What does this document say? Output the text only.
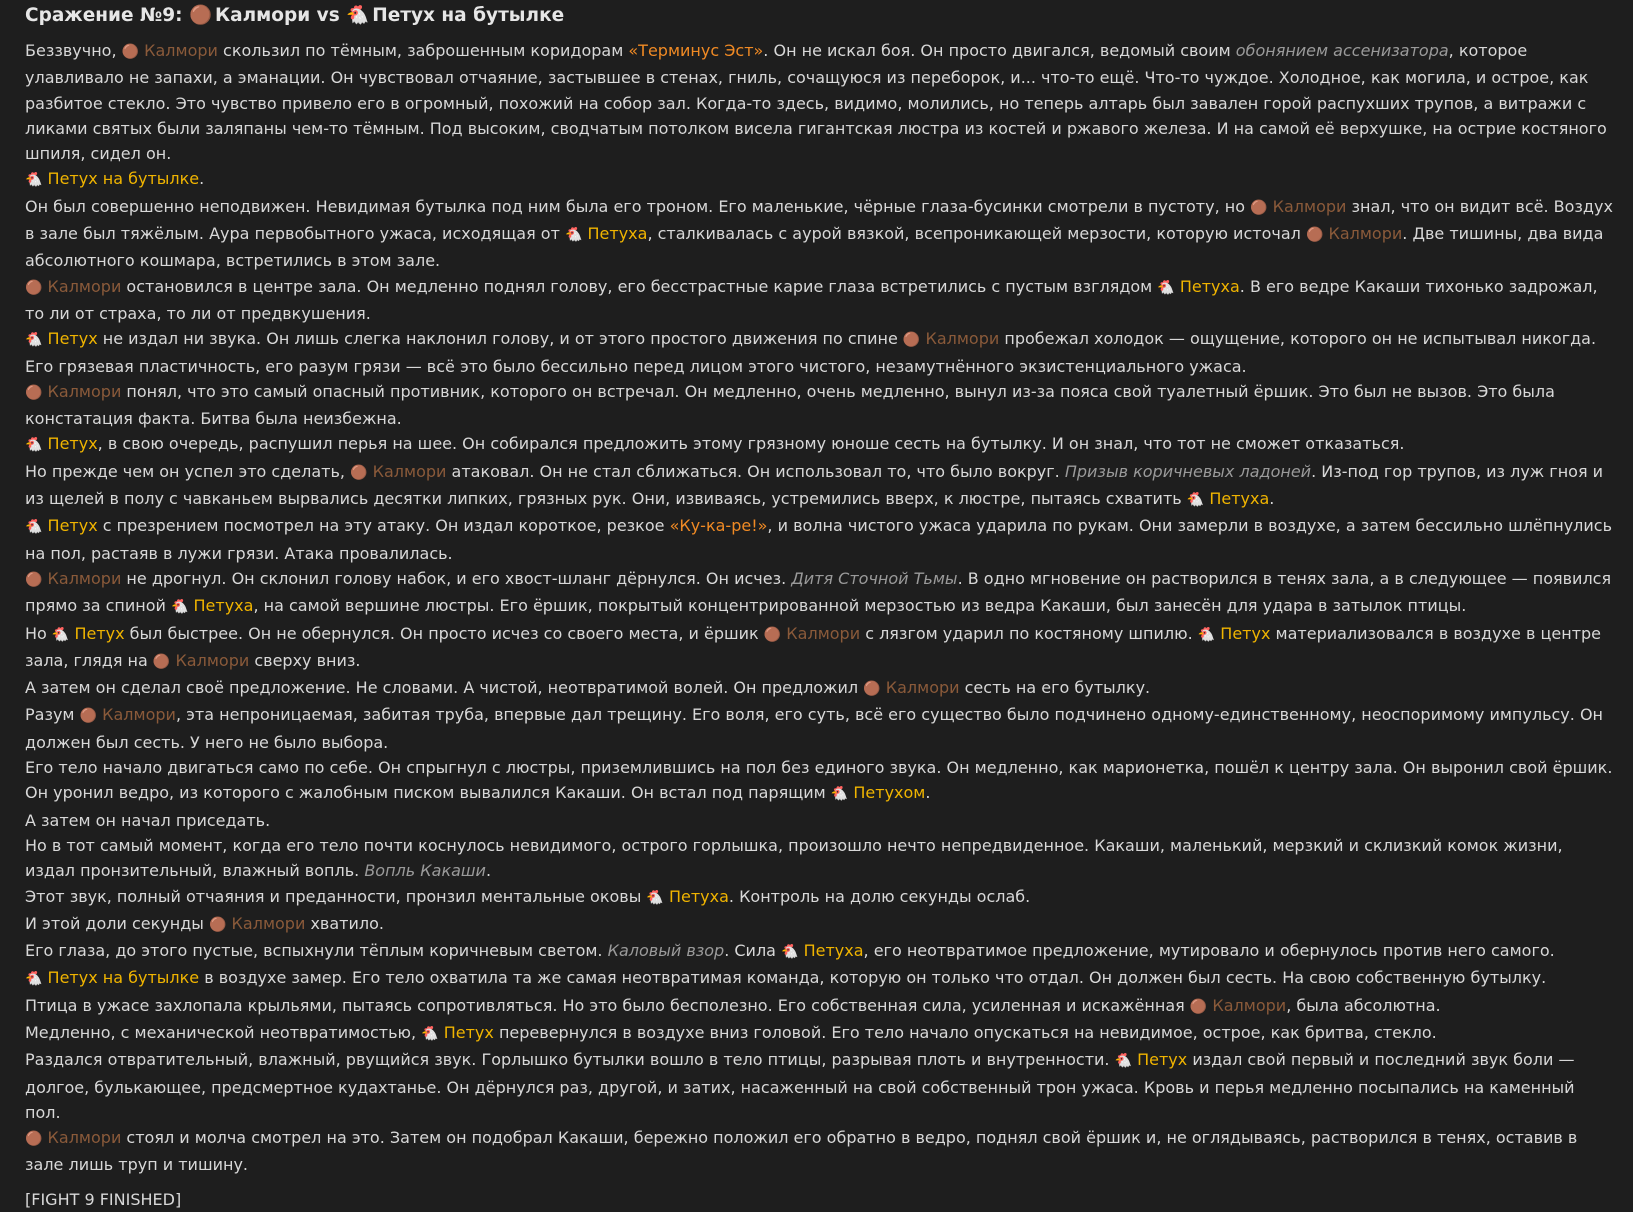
Сражение №9: 🟤 Калмори vs 🐔 Петух на бутылке
Беззвучно, 🟤 Калмори скользил по тёмным, заброшенным коридорам «Терминус Эст». Он не искал боя. Он просто двигался, ведомый своим обонянием ассенизатора, которое улавливало не запахи, а эманации. Он чувствовал отчаяние, застывшее в стенах, гниль, сочащуюся из переборок, и... что-то ещё. Что-то чуждое. Холодное, как могила, и острое, как разбитое стекло. Это чувство привело его в огромный, похожий на собор зал. Когда-то здесь, видимо, молились, но теперь алтарь был завален горой распухших трупов, а витражи с ликами святых были заляпаны чем-то тёмным. Под высоким, сводчатым потолком висела гигантская люстра из костей и ржавого железа. И на самой её верхушке, на острие костяного шпиля, сидел он.
🐔 Петух на бутылке.
Он был совершенно неподвижен. Невидимая бутылка под ним была его троном. Его маленькие, чёрные глаза-бусинки смотрели в пустоту, но 🟤 Калмори знал, что он видит всё. Воздух в зале был тяжёлым. Аура первобытного ужаса, исходящая от 🐔 Петуха, сталкивалась с аурой вязкой, всепроникающей мерзости, которую источал 🟤 Калмори. Две тишины, два вида абсолютного кошмара, встретились в этом зале.
🟤 Калмори остановился в центре зала. Он медленно поднял голову, его бесстрастные карие глаза встретились с пустым взглядом 🐔 Петуха. В его ведре Какаши тихонько задрожал, то ли от страха, то ли от предвкушения.
🐔 Петух не издал ни звука. Он лишь слегка наклонил голову, и от этого простого движения по спине 🟤 Калмори пробежал холодок — ощущение, которого он не испытывал никогда. Его грязевая пластичность, его разум грязи — всё это было бессильно перед лицом этого чистого, незамутнённого экзистенциального ужаса.
🟤 Калмори понял, что это самый опасный противник, которого он встречал. Он медленно, очень медленно, вынул из-за пояса свой туалетный ёршик. Это был не вызов. Это была констатация факта. Битва была неизбежна.
🐔 Петух, в свою очередь, распушил перья на шее. Он собирался предложить этому грязному юноше сесть на бутылку. И он знал, что тот не сможет отказаться.
Но прежде чем он успел это сделать, 🟤 Калмори атаковал. Он не стал сближаться. Он использовал то, что было вокруг. Призыв коричневых ладоней. Из-под гор трупов, из луж гноя и из щелей в полу с чавканьем вырвались десятки липких, грязных рук. Они, извиваясь, устремились вверх, к люстре, пытаясь схватить 🐔 Петуха.
🐔 Петух с презрением посмотрел на эту атаку. Он издал короткое, резкое «Ку-ка-ре!», и волна чистого ужаса ударила по рукам. Они замерли в воздухе, а затем бессильно шлёпнулись на пол, растаяв в лужи грязи. Атака провалилась.
🟤 Калмори не дрогнул. Он склонил голову набок, и его хвост-шланг дёрнулся. Он исчез. Дитя Сточной Тьмы. В одно мгновение он растворился в тенях зала, а в следующее — появился прямо за спиной 🐔 Петуха, на самой вершине люстры. Его ёршик, покрытый концентрированной мерзостью из ведра Какаши, был занесён для удара в затылок птицы.
Но 🐔 Петух был быстрее. Он не обернулся. Он просто исчез со своего места, и ёршик 🟤 Калмори с лязгом ударил по костяному шпилю. 🐔 Петух материализовался в воздухе в центре зала, глядя на 🟤 Калмори сверху вниз.
А затем он сделал своё предложение. Не словами. А чистой, неотвратимой волей. Он предложил 🟤 Калмори сесть на его бутылку.
Разум 🟤 Калмори, эта непроницаемая, забитая труба, впервые дал трещину. Его воля, его суть, всё его существо было подчинено одному-единственному, неоспоримому импульсу. Он должен был сесть. У него не было выбора.
Его тело начало двигаться само по себе. Он спрыгнул с люстры, приземлившись на пол без единого звука. Он медленно, как марионетка, пошёл к центру зала. Он выронил свой ёршик. Он уронил ведро, из которого с жалобным писком вывалился Какаши. Он встал под парящим 🐔 Петухом.
А затем он начал приседать.
Но в тот самый момент, когда его тело почти коснулось невидимого, острого горлышка, произошло нечто непредвиденное. Какаши, маленький, мерзкий и склизкий комок жизни, издал пронзительный, влажный вопль. Вопль Какаши.
Этот звук, полный отчаяния и преданности, пронзил ментальные оковы 🐔 Петуха. Контроль на долю секунды ослаб.
И этой доли секунды 🟤 Калмори хватило.
Его глаза, до этого пустые, вспыхнули тёплым коричневым светом. Каловый взор. Сила 🐔 Петуха, его неотвратимое предложение, мутировало и обернулось против него самого.
🐔 Петух на бутылке в воздухе замер. Его тело охватила та же самая неотвратимая команда, которую он только что отдал. Он должен был сесть. На свою собственную бутылку.
Птица в ужасе захлопала крыльями, пытаясь сопротивляться. Но это было бесполезно. Его собственная сила, усиленная и искажённая 🟤 Калмори, была абсолютна.
Медленно, с механической неотвратимостью, 🐔 Петух перевернулся в воздухе вниз головой. Его тело начало опускаться на невидимое, острое, как бритва, стекло.
Раздался отвратительный, влажный, рвущийся звук. Горлышко бутылки вошло в тело птицы, разрывая плоть и внутренности. 🐔 Петух издал свой первый и последний звук боли — долгое, булькающее, предсмертное кудахтанье. Он дёрнулся раз, другой, и затих, насаженный на свой собственный трон ужаса. Кровь и перья медленно посыпались на каменный пол.
🟤 Калмори стоял и молча смотрел на это. Затем он подобрал Какаши, бережно положил его обратно в ведро, поднял свой ёршик и, не оглядываясь, растворился в тенях, оставив в зале лишь труп и тишину.
[FIGHT 9 FINISHED]
